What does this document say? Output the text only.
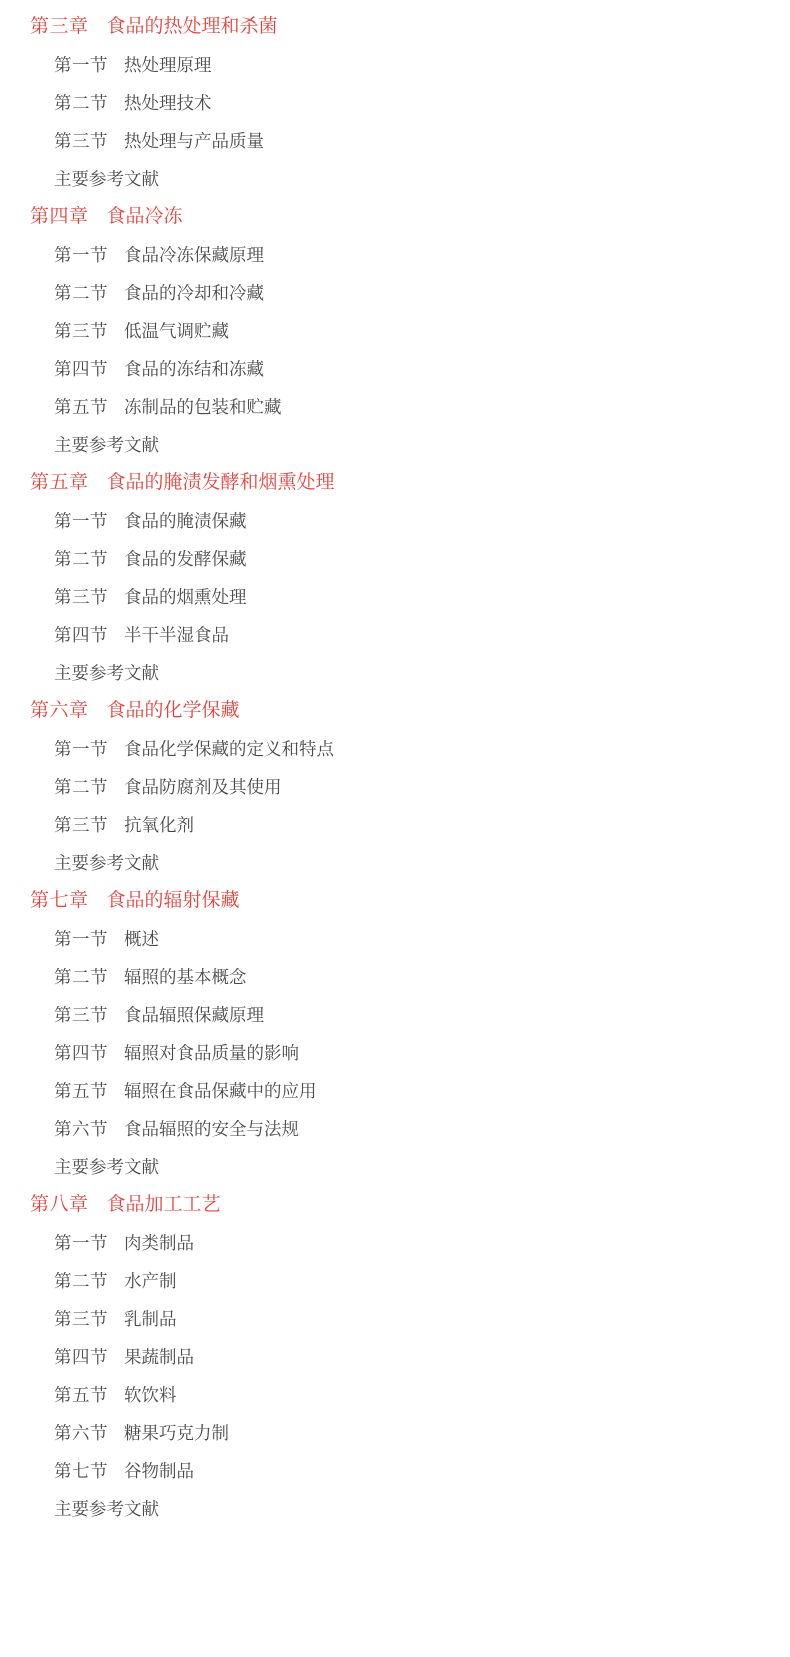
第三章 食品的热处理和杀菌
第一节 热处理原理
第二节 热处理技术
第三节 热处理与产品质量
主要参考文献
第四章 食品冷冻
第一节 食品冷冻保藏原理
第二节 食品的冷却和冷藏
第三节 低温气调贮藏
第四节 食品的冻结和冻藏
第五节 冻制品的包装和贮藏
主要参考文献
第五章 食品的腌渍发酵和烟熏处理
第一节 食品的腌渍保藏
第二节 食品的发酵保藏
第三节 食品的烟熏处理
第四节 半干半湿食品
主要参考文献
第六章 食品的化学保藏
第一节 食品化学保藏的定义和特点
第二节 食品防腐剂及其使用
第三节 抗氧化剂
主要参考文献
第七章 食品的辐射保藏
第一节 概述
第二节 辐照的基本概念
第三节 食品辐照保藏原理
第四节 辐照对食品质量的影响
第五节 辐照在食品保藏中的应用
第六节 食品辐照的安全与法规
主要参考文献
第八章 食品加工工艺
第一节 肉类制品
第二节 水产制
第三节 乳制品
第四节 果蔬制品
第五节 软饮料
第六节 糖果巧克力制
第七节 谷物制品
主要参考文献
